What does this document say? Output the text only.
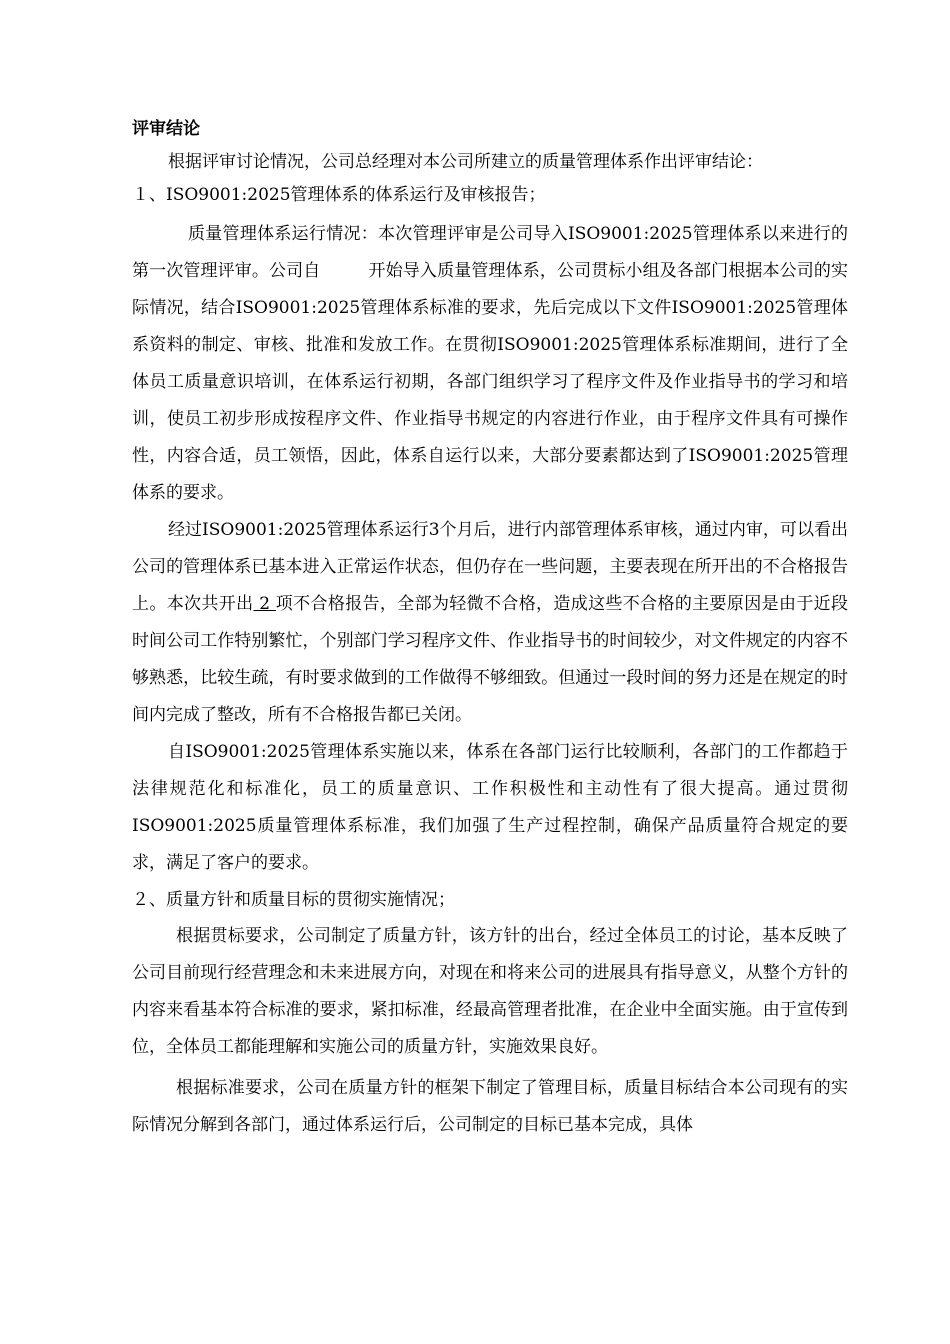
评审结论

根据评审讨论情况，公司总经理对本公司所建立的质量管理体系作出评审结论：

１、ISO9001:2025管理体系的体系运行及审核报告；

质量管理体系运行情况：本次管理评审是公司导入ISO9001:2025管理体系以来进行的第一次管理评审。公司自	开始导入质量管理体系，公司贯标小组及各部门根据本公司的实际情况，结合ISO9001:2025管理体系标准的要求，先后完成以下文件ISO9001:2025管理体系资料的制定、审核、批准和发放工作。在贯彻ISO9001:2025管理体系标准期间，进行了全体员工质量意识培训，在体系运行初期，各部门组织学习了程序文件及作业指导书的学习和培训，使员工初步形成按程序文件、作业指导书规定的内容进行作业，由于程序文件具有可操作性，内容合适，员工领悟，因此，体系自运行以来，大部分要素都达到了ISO9001:2025管理体系的要求。

经过ISO9001:2025管理体系运行3个月后，进行内部管理体系审核，通过内审，可以看出公司的管理体系已基本进入正常运作状态，但仍存在一些问题，主要表现在所开出的不合格报告上。本次共开出 2 项不合格报告，全部为轻微不合格，造成这些不合格的主要原因是由于近段时间公司工作特别繁忙，个别部门学习程序文件、作业指导书的时间较少，对文件规定的内容不够熟悉，比较生疏，有时要求做到的工作做得不够细致。但通过一段时间的努力还是在规定的时间内完成了整改，所有不合格报告都已关闭。

自ISO9001:2025管理体系实施以来，体系在各部门运行比较顺利，各部门的工作都趋于法律规范化和标准化，员工的质量意识、工作积极性和主动性有了很大提高。通过贯彻ISO9001:2025质量管理体系标准，我们加强了生产过程控制，确保产品质量符合规定的要求，满足了客户的要求。

２、质量方针和质量目标的贯彻实施情况；

根据贯标要求，公司制定了质量方针，该方针的出台，经过全体员工的讨论，基本反映了公司目前现行经营理念和未来进展方向，对现在和将来公司的进展具有指导意义，从整个方针的内容来看基本符合标准的要求，紧扣标准，经最高管理者批准，在企业中全面实施。由于宣传到位，全体员工都能理解和实施公司的质量方针，实施效果良好。

根据标准要求，公司在质量方针的框架下制定了管理目标，质量目标结合本公司现有的实际情况分解到各部门，通过体系运行后，公司制定的目标已基本完成，具体
